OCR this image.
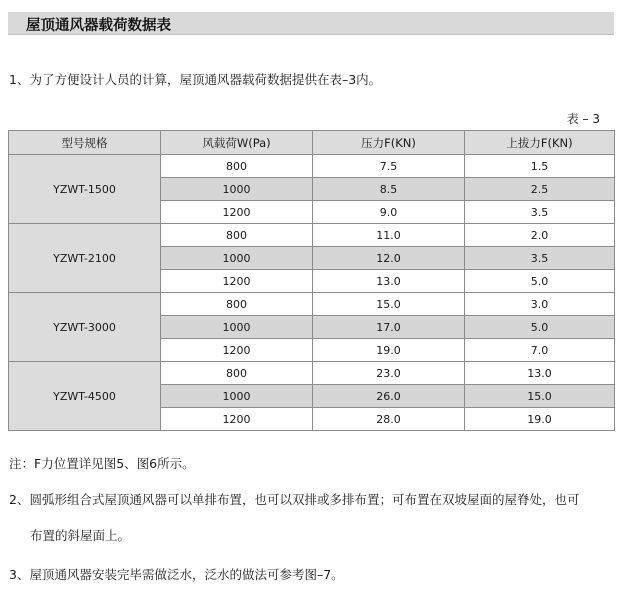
屋顶通风器载荷数据表
1、为了方便设计人员的计算，屋顶通风器载荷数据提供在表–3内。
表 – 3
型号规格	风载荷W(Pa)	压力F(KN)	上拔力F(KN)
YZWT-1500	800	7.5	1.5
	1000	8.5	2.5
	1200	9.0	3.5
YZWT-2100	800	11.0	2.0
	1000	12.0	3.5
	1200	13.0	5.0
YZWT-3000	800	15.0	3.0
	1000	17.0	5.0
	1200	19.0	7.0
YZWT-4500	800	23.0	13.0
	1000	26.0	15.0
	1200	28.0	19.0
注：F力位置详见图5、图6所示。
2、圆弧形组合式屋顶通风器可以单排布置，也可以双排或多排布置；可布置在双坡屋面的屋脊处，也可
布置的斜屋面上。
3、屋顶通风器安装完毕需做泛水，泛水的做法可参考图–7。
